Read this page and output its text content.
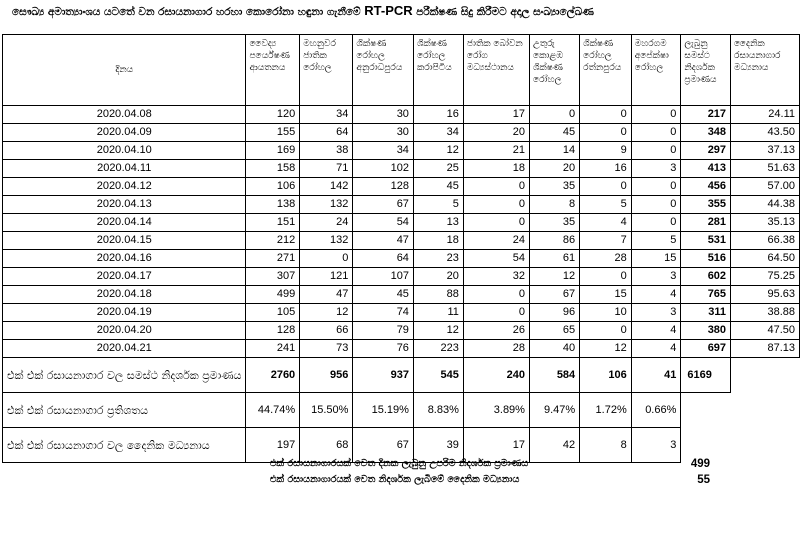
සෞඛ්‍ය අමාත්‍යාංශය යටතේ වන රසායනාගාර හරහා කොරෝනා හඳුනා ගැනීමේ RT-PCR පරීක්ෂණ සිදු කිරීමට අදාල සංඛ්‍යාලේඛණ
දිනය	වෛද්‍ය පර්යේෂණ ආයතනය	මහනුවර ජාතික රෝහල	ශික්ෂණ රෝහල අනුරාධපුරය	ශික්ෂණ රෝහල කරාපිටිය	ජාතික බෝවන රෝග මධ්‍යස්ථානය	උතුරු කොළඹ ශික්ෂණ රෝහල	ශික්ෂණ රෝහල රත්නපුරය	මහරගම අපේක්ෂා රෝහල	ලැබුනු සමස්ථ නිදර්ශක ප්‍රමාණය	දෛනික රසායනාගාර මධ්‍යනාය
2020.04.08	120	34	30	16	17	0	0	0	217	24.11
2020.04.09	155	64	30	34	20	45	0	0	348	43.50
2020.04.10	169	38	34	12	21	14	9	0	297	37.13
2020.04.11	158	71	102	25	18	20	16	3	413	51.63
2020.04.12	106	142	128	45	0	35	0	0	456	57.00
2020.04.13	138	132	67	5	0	8	5	0	355	44.38
2020.04.14	151	24	54	13	0	35	4	0	281	35.13
2020.04.15	212	132	47	18	24	86	7	5	531	66.38
2020.04.16	271	0	64	23	54	61	28	15	516	64.50
2020.04.17	307	121	107	20	32	12	0	3	602	75.25
2020.04.18	499	47	45	88	0	67	15	4	765	95.63
2020.04.19	105	12	74	11	0	96	10	3	311	38.88
2020.04.20	128	66	79	12	26	65	0	4	380	47.50
2020.04.21	241	73	76	223	28	40	12	4	697	87.13
එක් එක් රසායනාගාර වල සමස්ථ නිදර්ශක ප්‍රමාණය	2760	956	937	545	240	584	106	41	6169	
එක් එක් රසායනාගාර ප්‍රතිශතය	44.74%	15.50%	15.19%	8.83%	3.89%	9.47%	1.72%	0.66%		
එක් එක් රසායනාගාර වල දෛනික මධ්‍යනාය	197	68	67	39	17	42	8	3		
එක් රසායනාගාරයක් වෙත දිනක ලැබුනු උපරිම නිදර්ශක ප්‍රමාණය	499
එක් රසායනාගාරයක් වෙත නිදර්ශක ලැබීමේ දෛනික මධ්‍යනාය	55
